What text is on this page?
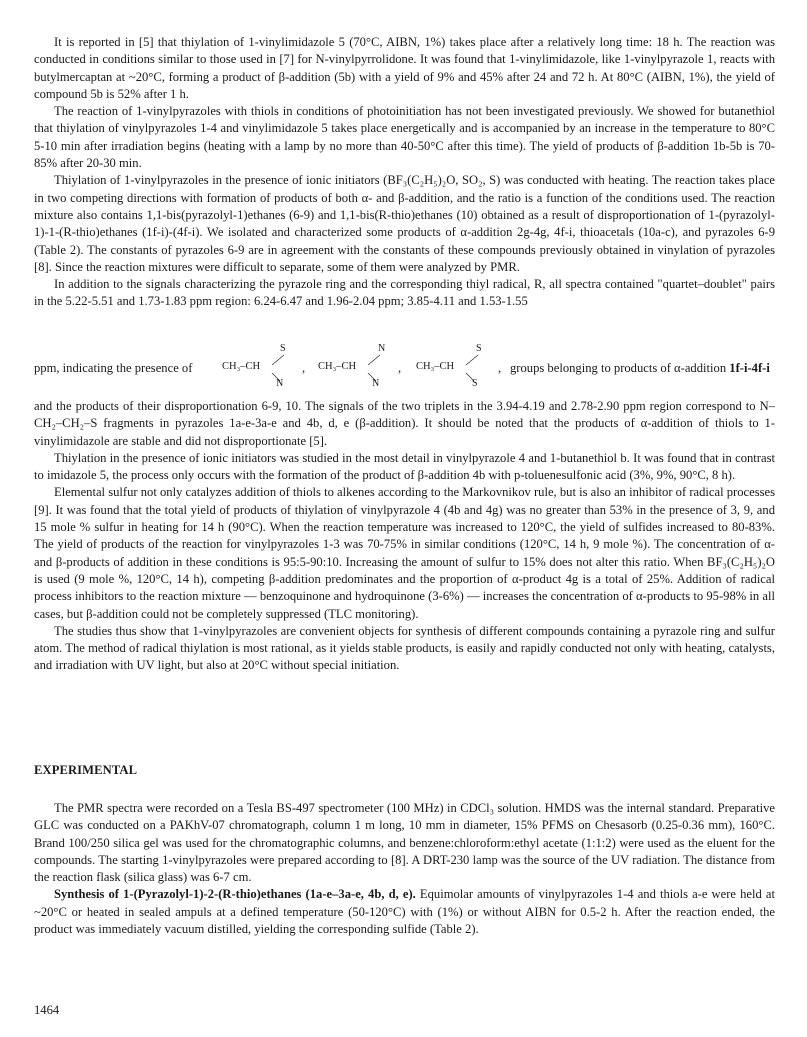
It is reported in [5] that thiylation of 1-vinylimidazole 5 (70°C, AIBN, 1%) takes place after a relatively long time: 18 h. The reaction was conducted in conditions similar to those used in [7] for N-vinylpyrrolidone. It was found that 1-vinylimidazole, like 1-vinylpyrazole 1, reacts with butylmercaptan at ~20°C, forming a product of β-addition (5b) with a yield of 9% and 45% after 24 and 72 h. At 80°C (AIBN, 1%), the yield of compound 5b is 52% after 1 h.

The reaction of 1-vinylpyrazoles with thiols in conditions of photoinitiation has not been investigated previously. We showed for butanethiol that thiylation of vinylpyrazoles 1-4 and vinylimidazole 5 takes place energetically and is accompanied by an increase in the temperature to 80°C 5-10 min after irradiation begins (heating with a lamp by no more than 40-50°C after this time). The yield of products of β-addition 1b-5b is 70-85% after 20-30 min.

Thiylation of 1-vinylpyrazoles in the presence of ionic initiators (BF₃(C₂H₅)₂O, SO₂, S) was conducted with heating. The reaction takes place in two competing directions with formation of products of both α- and β-addition, and the ratio is a function of the conditions used. The reaction mixture also contains 1,1-bis(pyrazolyl-1)ethanes (6-9) and 1,1-bis(R-thio)ethanes (10) obtained as a result of disproportionation of 1-(pyrazolyl-1)-1-(R-thio)ethanes (1f-i)-(4f-i). We isolated and characterized some products of α-addition 2g-4g, 4f-i, thioacetals (10a-c), and pyrazoles 6-9 (Table 2). The constants of pyrazoles 6-9 are in agreement with the constants of these compounds previously obtained in vinylation of pyrazoles [8]. Since the reaction mixtures were difficult to separate, some of them were analyzed by PMR.

In addition to the signals characterizing the pyrazole ring and the corresponding thiyl radical, R, all spectra contained "quartet–doublet" pairs in the 5.22-5.51 and 1.73-1.83 ppm region: 6.24-6.47 and 1.96-2.04 ppm; 3.85-4.11 and 1.53-1.55

ppm, indicating the presence of
S
CH₃–CH
N
,
N
CH₃–CH
N
,
S
CH₃–CH
S
, groups belonging to products of α-addition 1f-i-4f-i

and the products of their disproportionation 6-9, 10. The signals of the two triplets in the 3.94-4.19 and 2.78-2.90 ppm region correspond to N–CH₂–CH₂–S fragments in pyrazoles 1a-e-3a-e and 4b, d, e (β-addition). It should be noted that the products of α-addition of thiols to 1-vinylimidazole are stable and did not disproportionate [5].

Thiylation in the presence of ionic initiators was studied in the most detail in vinylpyrazole 4 and 1-butanethiol b. It was found that in contrast to imidazole 5, the process only occurs with the formation of the product of β-addition 4b with p-toluenesulfonic acid (3%, 9%, 90°C, 8 h).

Elemental sulfur not only catalyzes addition of thiols to alkenes according to the Markovnikov rule, but is also an inhibitor of radical processes [9]. It was found that the total yield of products of thiylation of vinylpyrazole 4 (4b and 4g) was no greater than 53% in the presence of 3, 9, and 15 mole % sulfur in heating for 14 h (90°C). When the reaction temperature was increased to 120°C, the yield of sulfides increased to 80-83%. The yield of products of the reaction for vinylpyrazoles 1-3 was 70-75% in similar conditions (120°C, 14 h, 9 mole %). The concentration of α- and β-products of addition in these conditions is 95:5-90:10. Increasing the amount of sulfur to 15% does not alter this ratio. When BF₃(C₂H₅)₂O is used (9 mole %, 120°C, 14 h), competing β-addition predominates and the proportion of α-product 4g is a total of 25%. Addition of radical process inhibitors to the reaction mixture — benzoquinone and hydroquinone (3-6%) — increases the concentration of α-products to 95-98% in all cases, but β-addition could not be completely suppressed (TLC monitoring).

The studies thus show that 1-vinylpyrazoles are convenient objects for synthesis of different compounds containing a pyrazole ring and sulfur atom. The method of radical thiylation is most rational, as it yields stable products, is easily and rapidly conducted not only with heating, catalysts, and irradiation with UV light, but also at 20°C without special initiation.

EXPERIMENTAL

The PMR spectra were recorded on a Tesla BS-497 spectrometer (100 MHz) in CDCl₃ solution. HMDS was the internal standard. Preparative GLC was conducted on a PAKhV-07 chromatograph, column 1 m long, 10 mm in diameter, 15% PFMS on Chesasorb (0.25-0.36 mm), 160°C. Brand 100/250 silica gel was used for the chromatographic columns, and benzene:chloroform:ethyl acetate (1:1:2) were used as the eluent for the compounds. The starting 1-vinylpyrazoles were prepared according to [8]. A DRT-230 lamp was the source of the UV radiation. The distance from the reaction flask (silica glass) was 6-7 cm.

Synthesis of 1-(Pyrazolyl-1)-2-(R-thio)ethanes (1a-e–3a-e, 4b, d, e). Equimolar amounts of vinylpyrazoles 1-4 and thiols a-e were held at ~20°C or heated in sealed ampuls at a defined temperature (50-120°C) with (1%) or without AIBN for 0.5-2 h. After the reaction ended, the product was immediately vacuum distilled, yielding the corresponding sulfide (Table 2).

1464
